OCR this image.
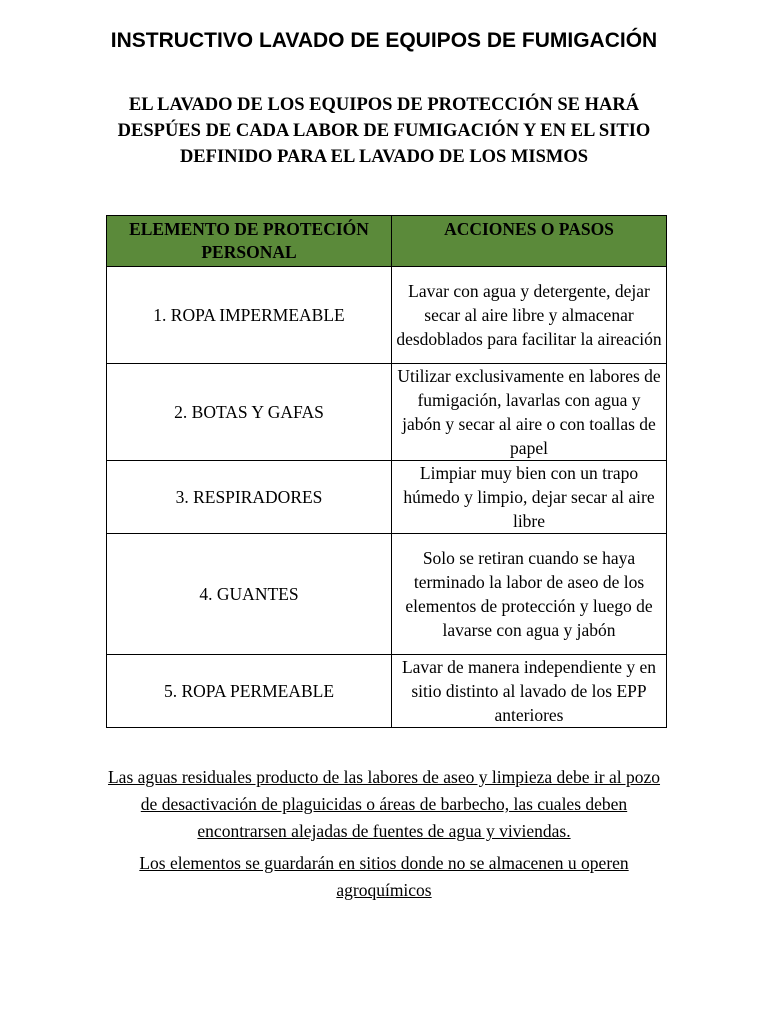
INSTRUCTIVO LAVADO DE EQUIPOS DE FUMIGACIÓN
EL LAVADO DE LOS EQUIPOS DE PROTECCIÓN SE HARÁ DESPÚES DE CADA LABOR DE FUMIGACIÓN Y EN EL SITIO DEFINIDO PARA EL LAVADO DE LOS MISMOS
ELEMENTO DE PROTECIÓN PERSONAL	ACCIONES O PASOS
1. ROPA IMPERMEABLE	Lavar con agua y detergente, dejar secar al aire libre y almacenar desdoblados para facilitar la aireación
2. BOTAS Y GAFAS	Utilizar exclusivamente en labores de fumigación, lavarlas con agua y jabón y secar al aire o con toallas de papel
3. RESPIRADORES	Limpiar muy bien con un trapo húmedo y limpio, dejar secar al aire libre
4. GUANTES	Solo se retiran cuando se haya terminado la labor de aseo de los elementos de protección y luego de lavarse con agua y jabón
5. ROPA PERMEABLE	Lavar de manera independiente y en sitio distinto al lavado de los EPP anteriores
Las aguas residuales producto de las labores de aseo y limpieza debe ir al pozo de desactivación de plaguicidas o áreas de barbecho, las cuales deben encontrarsen alejadas de fuentes de agua y viviendas.
Los elementos se guardarán en sitios donde no se almacenen u operen agroquímicos
